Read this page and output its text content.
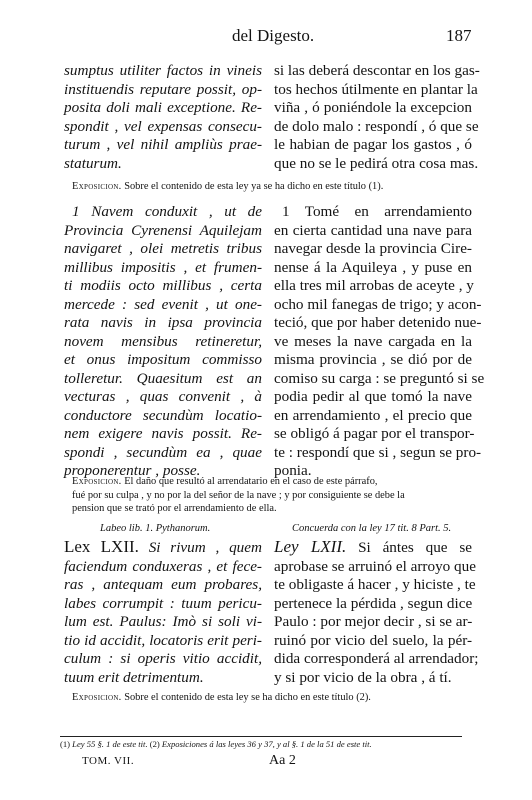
del Digesto.	187
sumptus utiliter factos in vineis
instituendis reputare possit, op-
posita doli mali exceptione. Re-
spondit , vel expensas consecu-
turum , vel nihil ampliùs prae-
staturum.
si las deberá descontar en los gas-
tos hechos útilmente en plantar la
viña , ó poniéndole la excepcion
de dolo malo : respondí , ó que se
le habian de pagar los gastos , ó
que no se le pedirá otra cosa mas.
Exposicion. Sobre el contenido de esta ley ya se ha dicho en este título (1).
1 Navem conduxit , ut de
Provincia Cyrenensi Aquilejam
navigaret , olei metretis tribus
millibus impositis , et frumen-
ti modiis octo millibus , certa
mercede : sed evenit , ut one-
rata navis in ipsa provincia
novem mensibus retineretur,
et onus impositum commisso
tolleretur. Quaesitum est an
vecturas , quas convenit , à
conductore secundùm locatio-
nem exigere navis possit. Re-
spondi , secundùm ea , quae
proponerentur , posse.
1 Tomé en arrendamiento
en cierta cantidad una nave para
navegar desde la provincia Cire-
nense á la Aquileya , y puse en
ella tres mil arrobas de aceyte , y
ocho mil fanegas de trigo; y acon-
teció, que por haber detenido nue-
ve meses la nave cargada en la
misma provincia , se dió por de
comiso su carga : se preguntó si se
podia pedir al que tomó la nave
en arrendamiento , el precio que
se obligó á pagar por el transpor-
te : respondí que si , segun se pro-
ponia.
Exposicion. El daño que resultó al arrendatario en el caso de este párrafo,
fué por su culpa , y no por la del señor de la nave ; y por consiguiente se debe la
pension que se trató por el arrendamiento de ella.
Labeo lib. 1. Pythanorum.	Concuerda con la ley 17 tit. 8 Part. 5.
Lex LXII. Si rivum , quem
faciendum conduxeras , et fece-
ras , antequam eum probares,
labes corrumpit : tuum pericu-
lum est. Paulus: Imò si soli vi-
tio id accidit, locatoris erit peri-
culum : si operis vitio accidit,
tuum erit detrimentum.
Ley LXII. Si ántes que se
aprobase se arruinó el arroyo que
te obligaste á hacer , y hiciste , te
pertenece la pérdida , segun dice
Paulo : por mejor decir , si se ar-
ruinó por vicio del suelo, la pér-
dida corresponderá al arrendador;
y si por vicio de la obra , á tí.
Exposicion. Sobre el contenido de esta ley se ha dicho en este título (2).
(1) Ley 55 §. 1 de este tit. (2) Exposiciones á las leyes 36 y 37, y al §. 1 de la 51 de este tit.
TOM. VII.	Aa 2
